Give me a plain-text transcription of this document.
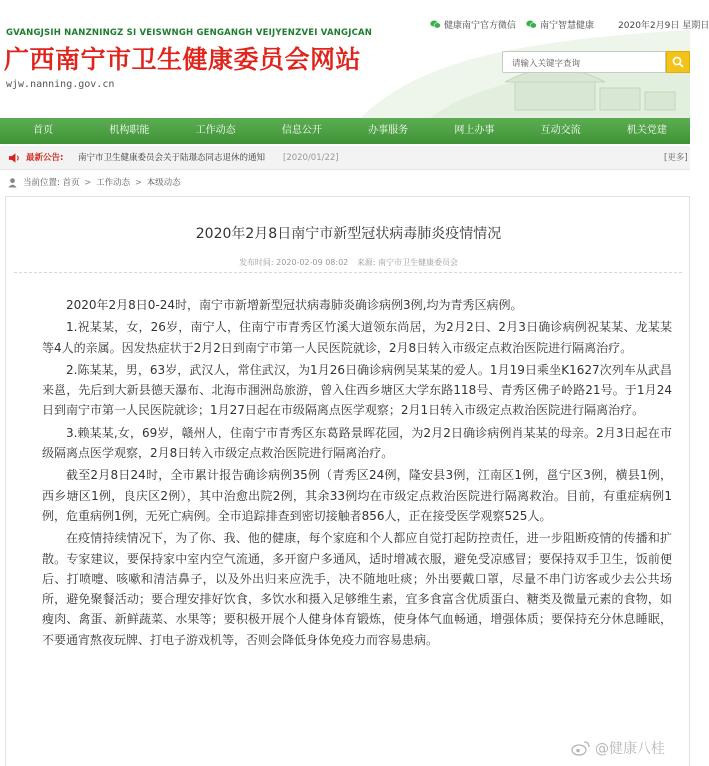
健康南宁官方微信	南宁智慧健康	2020年2月9日 星期日
GVANGJSIH NANZNINGZ SI VEISWNGH GENGANGH VEIJYENZVEI VANGJCAN
广西南宁市卫生健康委员会网站
wjw.nanning.gov.cn
请输入关键字查询
首页	机构职能	工作动态	信息公开	办事服务	网上办事	互动交流	机关党建
最新公告: 南宁市卫生健康委员会关于陆璟态同志退休的通知 [2020/01/22]	[更多]
当前位置: 首页 > 工作动态 > 本级动态
2020年2月8日南宁市新型冠状病毒肺炎疫情情况
发布时间: 2020-02-09 08:02 来源: 南宁市卫生健康委员会

2020年2月8日0-24时，南宁市新增新型冠状病毒肺炎确诊病例3例,均为青秀区病例。

1.祝某某，女，26岁，南宁人，住南宁市青秀区竹溪大道领东尚居，为2月2日、2月3日确诊病例祝某某、龙某某等4人的亲属。因发热症状于2月2日到南宁市第一人民医院就诊，2月8日转入市级定点救治医院进行隔离治疗。

2.陈某某，男，63岁，武汉人，常住武汉，为1月26日确诊病例吴某某的爱人。1月19日乘坐K1627次列车从武昌来邕，先后到大新县德天瀑布、北海市涠洲岛旅游，曾入住西乡塘区大学东路118号、青秀区佛子岭路21号。于1月24日到南宁市第一人民医院就诊；1月27日起在市级隔离点医学观察；2月1日转入市级定点救治医院进行隔离治疗。

3.赖某某,女，69岁，赣州人，住南宁市青秀区东葛路景晖花园，为2月2日确诊病例肖某某的母亲。2月3日起在市级隔离点医学观察，2月8日转入市级定点救治医院进行隔离治疗。

截至2月8日24时，全市累计报告确诊病例35例（青秀区24例，隆安县3例，江南区1例，邕宁区3例，横县1例，西乡塘区1例，良庆区2例），其中治愈出院2例，其余33例均在市级定点救治医院进行隔离救治。目前，有重症病例1例，危重病例1例，无死亡病例。全市追踪排查到密切接触者856人，正在接受医学观察525人。

在疫情持续情况下，为了你、我、他的健康，每个家庭和个人都应自觉打起防控责任，进一步阻断疫情的传播和扩散。专家建议，要保持家中室内空气流通，多开窗户多通风，适时增减衣服，避免受凉感冒；要保持双手卫生，饭前便后、打喷嚏、咳嗽和清洁鼻子，以及外出归来应洗手，决不随地吐痰；外出要戴口罩，尽量不串门访客或少去公共场所，避免聚餐活动；要合理安排好饮食，多饮水和摄入足够维生素，宜多食富含优质蛋白、糖类及微量元素的食物，如瘦肉、禽蛋、新鲜蔬菜、水果等；要积极开展个人健身体育锻炼，使身体气血畅通，增强体质；要保持充分休息睡眠，不要通宵熬夜玩牌、打电子游戏机等，否则会降低身体免疫力而容易患病。

@健康八桂
